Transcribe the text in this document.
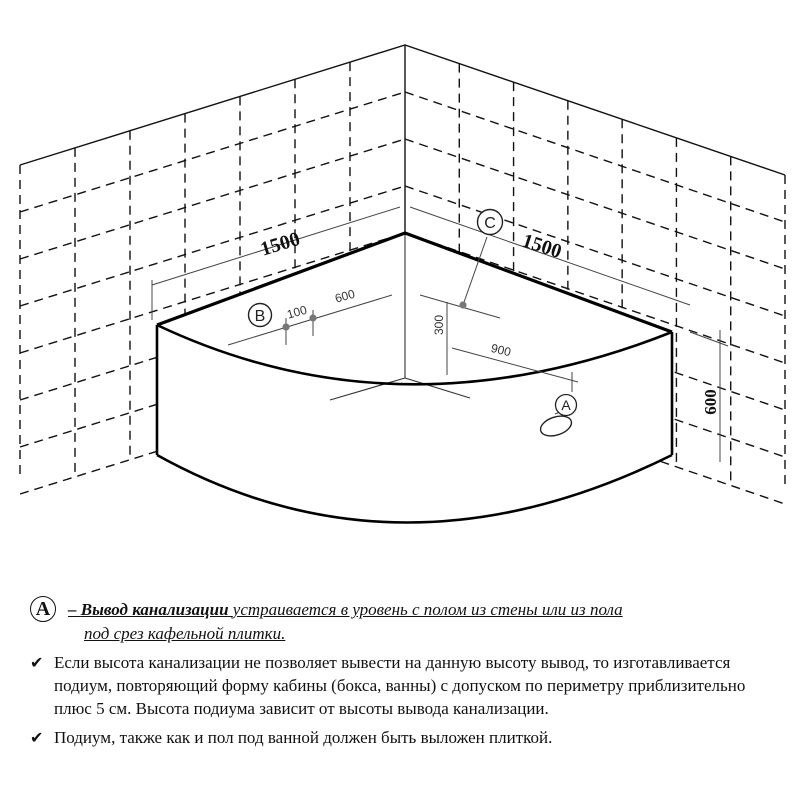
B
C
A
1500	1500
600
100
600
300
900
A	– Вывод канализации устраивается в уровень с полом из стены или из пола
под срез кафельной плитки.
✔ Если высота канализации не позволяет вывести на данную высоту вывод, то изготавливается подиум, повторяющий форму кабины (бокса, ванны) с допуском по периметру приблизительно плюс 5 см. Высота подиума зависит от высоты вывода канализации.
✔ Подиум, также как и пол под ванной должен быть выложен плиткой.
